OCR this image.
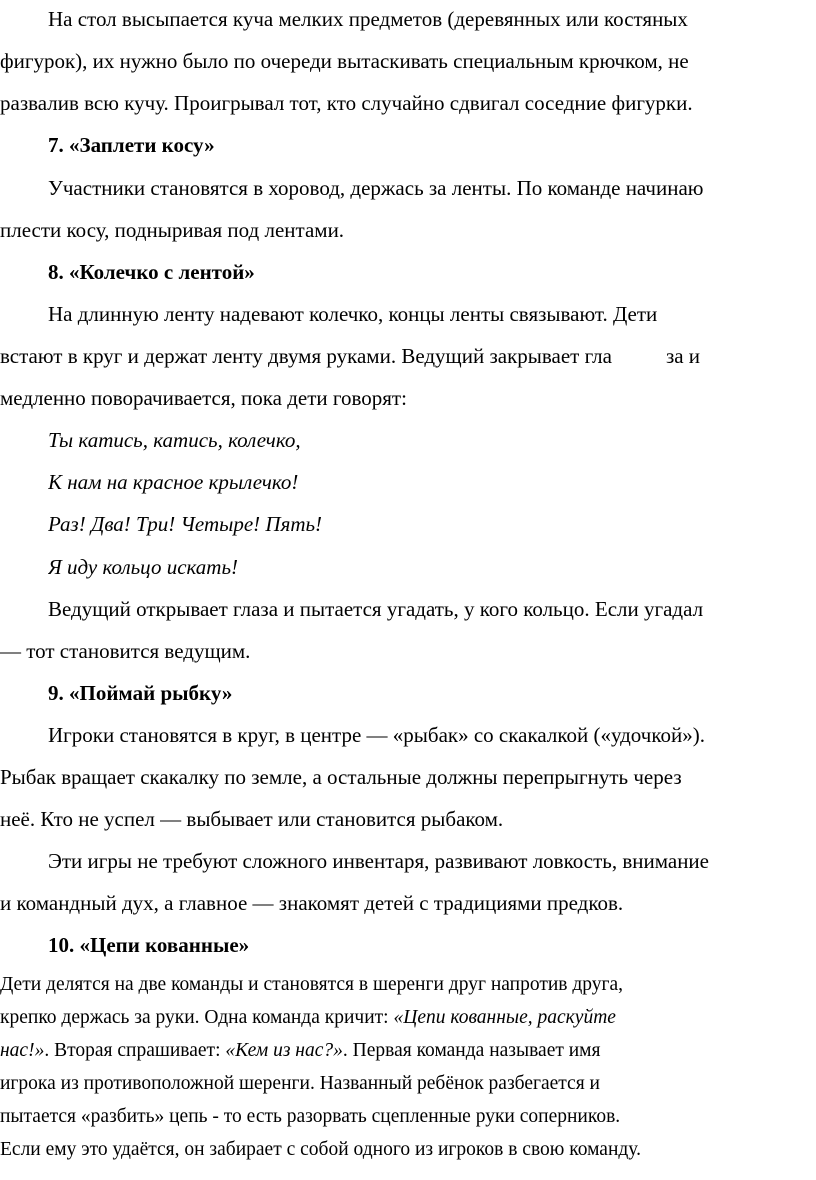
На стол высыпается куча мелких предметов (деревянных или костяных
фигурок), их нужно было по очереди вытаскивать специальным крючком, не
развалив всю кучу. Проигрывал тот, кто случайно сдвигал соседние фигурки.
7. «Заплети косу»
Участники становятся в хоровод, держась за ленты. По команде начинаю
плести косу, подныривая под лентами.
8. «Колечко с лентой»
На длинную ленту надевают колечко, концы ленты связывают. Дети
встают в круг и держат ленту двумя руками. Ведущий закрывает гла	за и
медленно поворачивается, пока дети говорят:
Ты катись, катись, колечко,
К нам на красное крылечко!
Раз! Два! Три! Четыре! Пять!
Я иду кольцо искать!
Ведущий открывает глаза и пытается угадать, у кого кольцо. Если угадал
— тот становится ведущим.
9. «Поймай рыбку»
Игроки становятся в круг, в центре — «рыбак» со скакалкой («удочкой»).
Рыбак вращает скакалку по земле, а остальные должны перепрыгнуть через
неё. Кто не успел — выбывает или становится рыбаком.
Эти игры не требуют сложного инвентаря, развивают ловкость, внимание
и командный дух, а главное — знакомят детей с традициями предков.
10. «Цепи кованные»
Дети делятся на две команды и становятся в шеренги друг напротив друга,
крепко держась за руки. Одна команда кричит: «Цепи кованные, раскуйте
нас!». Вторая спрашивает: «Кем из нас?». Первая команда называет имя
игрока из противоположной шеренги. Названный ребёнок разбегается и
пытается «разбить» цепь - то есть разорвать сцепленные руки соперников.
Если ему это удаётся, он забирает с собой одного из игроков в свою команду.
